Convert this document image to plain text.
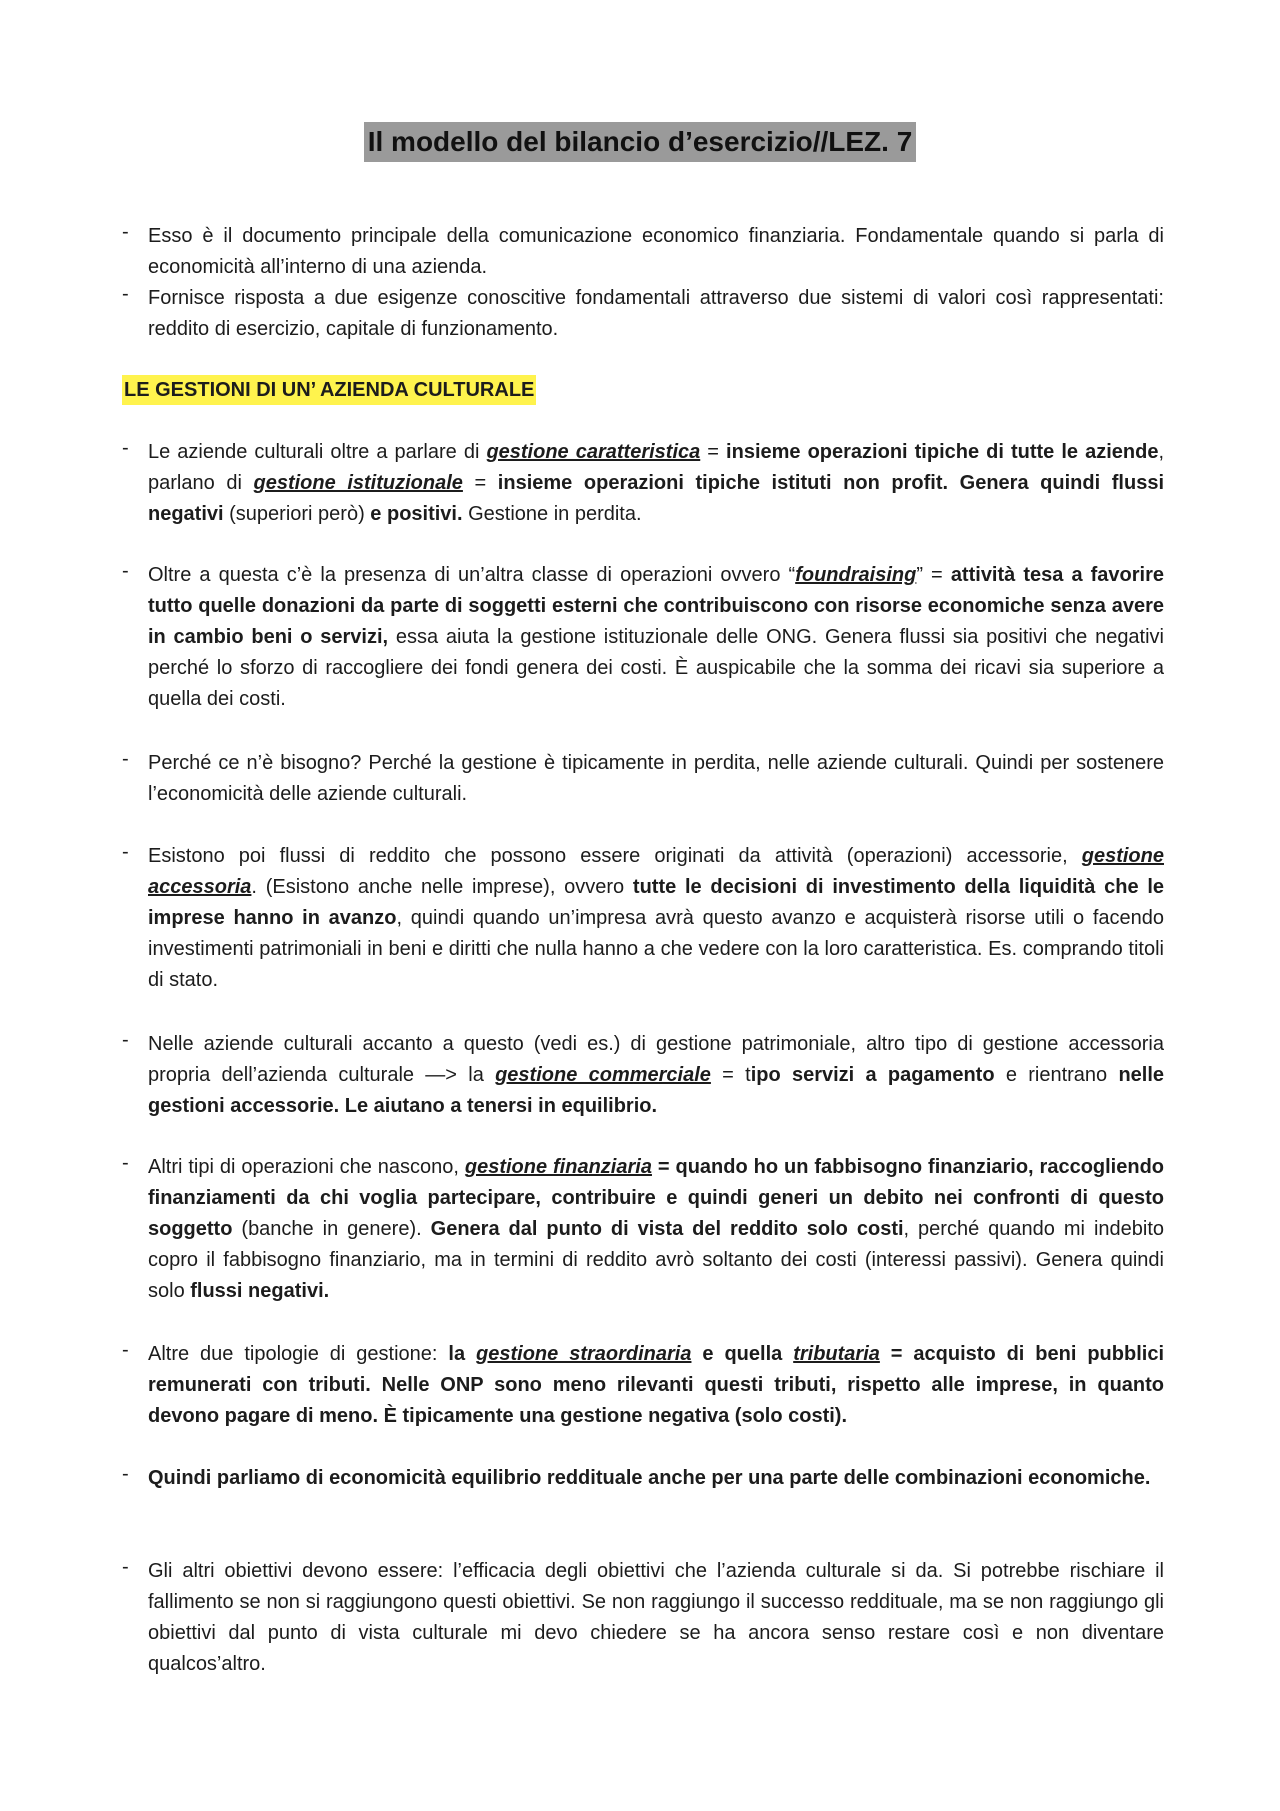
Il modello del bilancio d’esercizio//LEZ. 7
- Esso è il documento principale della comunicazione economico finanziaria. Fondamentale quando si parla di economicità all’interno di una azienda.

- Fornisce risposta a due esigenze conoscitive fondamentali attraverso due sistemi di valori così rappresentati: reddito di esercizio, capitale di funzionamento.

LE GESTIONI DI UN’ AZIENDA CULTURALE
- Le aziende culturali oltre a parlare di gestione caratteristica = insieme operazioni tipiche di tutte le aziende, parlano di gestione istituzionale = insieme operazioni tipiche istituti non profit. Genera quindi flussi negativi (superiori però) e positivi. Gestione in perdita.

- Oltre a questa c’è la presenza di un’altra classe di operazioni ovvero “foundraising” = attività tesa a favorire tutto quelle donazioni da parte di soggetti esterni che contribuiscono con risorse economiche senza avere in cambio beni o servizi, essa aiuta la gestione istituzionale delle ONG. Genera flussi sia positivi che negativi perché lo sforzo di raccogliere dei fondi genera dei costi. È auspicabile che la somma dei ricavi sia superiore a quella dei costi.

- Perché ce n’è bisogno? Perché la gestione è tipicamente in perdita, nelle aziende culturali. Quindi per sostenere l’economicità delle aziende culturali.

- Esistono poi flussi di reddito che possono essere originati da attività (operazioni) accessorie, gestione accessoria. (Esistono anche nelle imprese), ovvero tutte le decisioni di investimento della liquidità che le imprese hanno in avanzo, quindi quando un’impresa avrà questo avanzo e acquisterà risorse utili o facendo investimenti patrimoniali in beni e diritti che nulla hanno a che vedere con la loro caratteristica. Es. comprando titoli di stato.

- Nelle aziende culturali accanto a questo (vedi es.) di gestione patrimoniale, altro tipo di gestione accessoria propria dell’azienda culturale —> la gestione commerciale = tipo servizi a pagamento e rientrano nelle gestioni accessorie. Le aiutano a tenersi in equilibrio.

- Altri tipi di operazioni che nascono, gestione finanziaria = quando ho un fabbisogno finanziario, raccogliendo finanziamenti da chi voglia partecipare, contribuire e quindi generi un debito nei confronti di questo soggetto (banche in genere). Genera dal punto di vista del reddito solo costi, perché quando mi indebito copro il fabbisogno finanziario, ma in termini di reddito avrò soltanto dei costi (interessi passivi). Genera quindi solo flussi negativi.

- Altre due tipologie di gestione: la gestione straordinaria e quella tributaria = acquisto di beni pubblici remunerati con tributi. Nelle ONP sono meno rilevanti questi tributi, rispetto alle imprese, in quanto devono pagare di meno. È tipicamente una gestione negativa (solo costi).

- Quindi parliamo di economicità equilibrio reddituale anche per una parte delle combinazioni economiche.

- Gli altri obiettivi devono essere: l’efficacia degli obiettivi che l’azienda culturale si da. Si potrebbe rischiare il fallimento se non si raggiungono questi obiettivi. Se non raggiungo il successo reddituale, ma se non raggiungo gli obiettivi dal punto di vista culturale mi devo chiedere se ha ancora senso restare così e non diventare qualcos’altro.
